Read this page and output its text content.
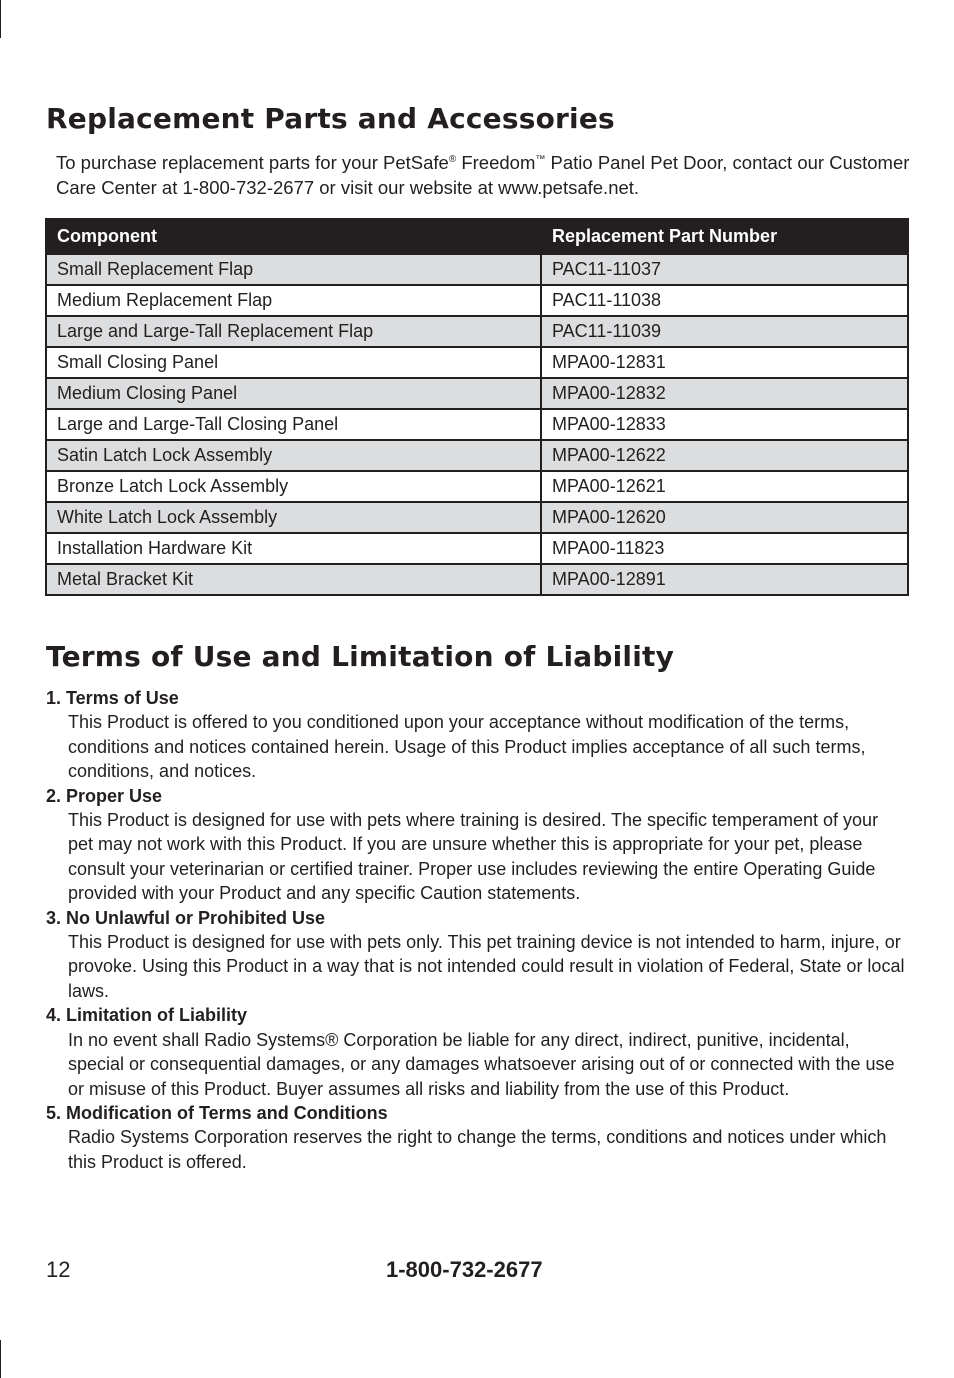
Replacement Parts and Accessories

To purchase replacement parts for your PetSafe® Freedom™ Patio Panel Pet Door, contact our Customer Care Center at 1-800-732-2677 or visit our website at www.petsafe.net.

Component	Replacement Part Number
Small Replacement Flap	PAC11-11037
Medium Replacement Flap	PAC11-11038
Large and Large-Tall Replacement Flap	PAC11-11039
Small Closing Panel	MPA00-12831
Medium Closing Panel	MPA00-12832
Large and Large-Tall Closing Panel	MPA00-12833
Satin Latch Lock Assembly	MPA00-12622
Bronze Latch Lock Assembly	MPA00-12621
White Latch Lock Assembly	MPA00-12620
Installation Hardware Kit	MPA00-11823
Metal Bracket Kit	MPA00-12891
Terms of Use and Limitation of Liability

1. Terms of Use

This Product is offered to you conditioned upon your acceptance without modification of the terms, conditions and notices contained herein. Usage of this Product implies acceptance of all such terms, conditions, and notices.

2. Proper Use

This Product is designed for use with pets where training is desired. The specific temperament of your pet may not work with this Product. If you are unsure whether this is appropriate for your pet, please consult your veterinarian or certified trainer. Proper use includes reviewing the entire Operating Guide provided with your Product and any specific Caution statements.

3. No Unlawful or Prohibited Use

This Product is designed for use with pets only. This pet training device is not intended to harm, injure, or provoke. Using this Product in a way that is not intended could result in violation of Federal, State or local laws.

4. Limitation of Liability

In no event shall Radio Systems® Corporation be liable for any direct, indirect, punitive, incidental, special or consequential damages, or any damages whatsoever arising out of or connected with the use or misuse of this Product. Buyer assumes all risks and liability from the use of this Product.

5. Modification of Terms and Conditions

Radio Systems Corporation reserves the right to change the terms, conditions and notices under which this Product is offered.

12	1-800-732-2677
